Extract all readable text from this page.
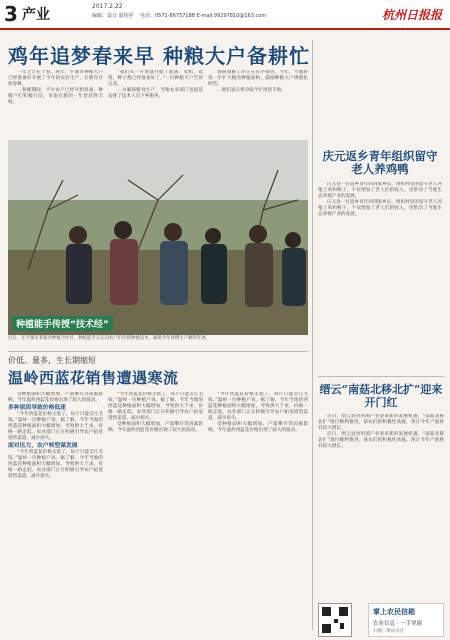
3 产业
2017.2.22
编辑：设计 温绍祥 电话：0571-86757188 E-mail:99297810@163.com	杭州日报报
鸡年追梦春来早 种粮大户备耕忙

一年之计在于春。鸡年，平湖市种粮大户已经准备好开展了今年的农业生产，在新年开始春耕。

…春播期间，不少农户已经开始准备，种粮户们积极行动，争取在新的一年里获得丰收。

“我们从一开春就开始了准备，农机、农资、种子都已经准备好了。”一位种粮大户告诉记者。

…为确保粮食生产，当地农业部门也提前安排了技术人员下乡服务。

春耕备耕工作正在有序推进。今年，当地将进一步扩大粮食种植面积，鼓励种粮大户规模化经营。

…他们表示将争取今年再创丰收。

种植能手传授“技术经”
近日，在平湖市某粮食种植合作社，种植能手正在向农户们传授种植技术，确保今年春耕生产顺利开展。
价低、量多，生长期缩短
温岭西蓝花销售遭遇寒流

受种植面积大幅增加、产量攀升等因素影响，今年温岭西蓝花价格出现了较大的波动。

多种原因导致价格低迷

“今年西蓝花价格太低了，每斤只能卖几毛钱。”温岭一位种植户说。据了解，今年当地的西蓝花种植面积大幅增加，导致供大于求，价格一路走低。农业部门正在积极引导农户拓宽销售渠道，减少损失。

面对压力，农户转型谋发展

“今年西蓝花价格太低了，每斤只能卖几毛钱。”温岭一位种植户说。据了解，今年当地的西蓝花种植面积大幅增加，导致供大于求，价格一路走低。农业部门正在积极引导农户拓宽销售渠道，减少损失。

“今年西蓝花价格太低了，每斤只能卖几毛钱。”温岭一位种植户说。据了解，今年当地的西蓝花种植面积大幅增加，导致供大于求，价格一路走低。农业部门正在积极引导农户拓宽销售渠道，减少损失。

受种植面积大幅增加、产量攀升等因素影响，今年温岭西蓝花价格出现了较大的波动。

“今年西蓝花价格太低了，每斤只能卖几毛钱。”温岭一位种植户说。据了解，今年当地的西蓝花种植面积大幅增加，导致供大于求，价格一路走低。农业部门正在积极引导农户拓宽销售渠道，减少损失。

受种植面积大幅增加、产量攀升等因素影响，今年温岭西蓝花价格出现了较大的波动。

庆元返乡青年组织留守老人养鸡鸭

庆元县一位返乡青年回到家乡后，组织村里的留守老人养殖土鸡和鸭子，不仅增加了老人们的收入，也带动了当地生态养殖产业的发展。

庆元县一位返乡青年回到家乡后，组织村里的留守老人养殖土鸡和鸭子，不仅增加了老人们的收入，也带动了当地生态养殖产业的发展。

缙云“南菇北移北扩”迎来开门红

近日，缙云县食用菌产业迎来新的发展机遇，“南菇北移北扩”项目顺利推进，菇农们的积极性高涨，预计今年产值将有较大增长。

近日，缙云县食用菌产业迎来新的发展机遇，“南菇北移北扩”项目顺利推进，菇农们的积极性高涨，预计今年产值将有较大增长。

掌上农民信箱
农业信息 · 一手掌握
扫描二维码关注
